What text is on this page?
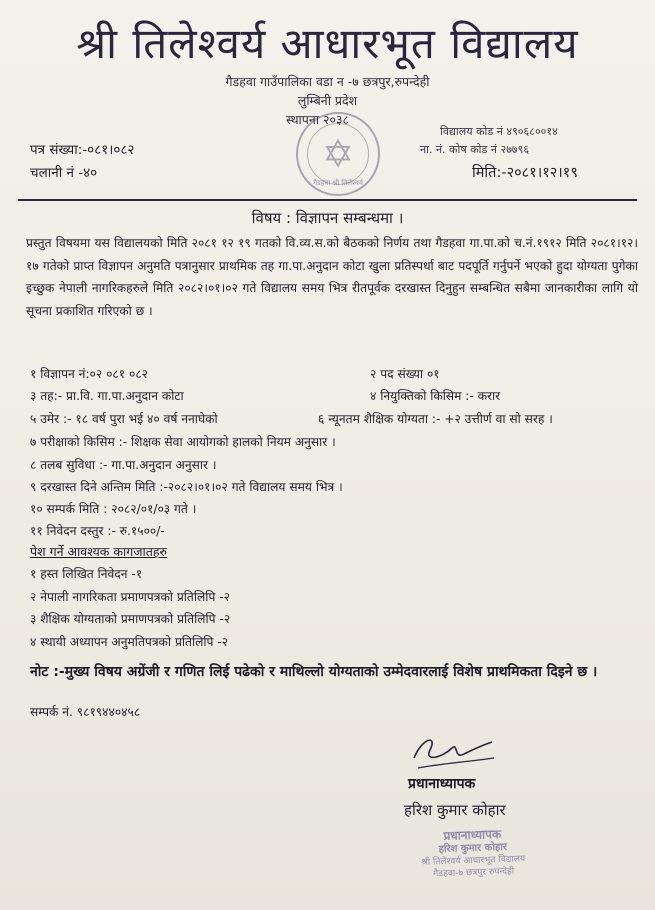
श्री तिलेश्वर्य आधारभूत विद्यालय
गैडहवा गाउँपालिका वडा न -७ छत्रपुर,रुपन्देही
लुम्बिनी प्रदेश
स्थापना २०३८
✡
गैडहवा श्री तिलेश्वर्य
पत्र संख्या:-०८१।०८२
चलानी नं -४०
विद्यालय कोड नं ४९०६८००१४
ना. नं. कोष कोड नं २७७९६
मिति:-२०८१।१२।१९
विषय : विज्ञापन सम्बन्धमा ।
प्रस्तुत विषयमा यस विद्यालयको मिति २०८१ १२ १९ गतको वि.व्य.स.को बैठकको निर्णय तथा गैडहवा गा.पा.को च.नं.१९१२ मिति २०८१।१२।१७ गतेको प्राप्त विज्ञापन अनुमति पत्रानुसार प्राथमिक तह गा.पा.अनुदान कोटा खुला प्रतिस्पर्धा बाट पदपूर्ति गर्नुपर्ने भएको हुदा योग्यता पुगेका इच्छुक नेपाली नागरिकहरुले मिति २०८२।०१।०२ गते विद्यालय समय भित्र रीतपूर्वक दरखास्त दिनुहुन सम्बन्धित सबैमा जानकारीका लागि यो सूचना प्रकाशित गरिएको छ ।
१ विज्ञापन नं:०२ ०८१ ०८२	२ पद संख्या ०१
३ तह:- प्रा.वि. गा.पा.अनुदान कोटा	४ नियुक्तिको किसिम :- करार
५ उमेर :- १८ वर्ष पुरा भई ४० वर्ष ननाघेको	६ न्यूनतम शैक्षिक योग्यता :- +२ उत्तीर्ण वा सो सरह ।
७ परीक्षाको किसिम :- शिक्षक सेवा आयोगको हालको नियम अनुसार ।
८ तलब सुविधा :- गा.पा.अनुदान अनुसार ।
९ दरखास्त दिने अन्तिम मिति :-२०८२।०१।०२ गते विद्यालय समय भित्र ।
१० सम्पर्क मिति : २०८२/०१/०३ गते ।
११ निवेदन दस्तुर :- रु.१५००/-
पेश गर्ने आवश्यक कागजातहरु
१ हस्त लिखित निवेदन -१
२ नेपाली नागरिकता प्रमाणपत्रको प्रतिलिपि -२
३ शैक्षिक योग्यताको प्रमाणपत्रको प्रतिलिपि -२
४ स्थायी अध्यापन अनुमतिपत्रको प्रतिलिपि -२
नोट :-मुख्य विषय अग्रेंजी र गणित लिई पढेको र माथिल्लो योग्यताको उम्मेदवारलाई विशेष प्राथमिकता दिइने छ ।
सम्पर्क नं. ९८१९४४०४५८
प्रधानाध्यापक
हरिश कुमार कोहार
प्रधानाध्यापक
हरिश कुमार कोहार
श्री तिलेश्वर्य आधारभूत विद्यालय
गैडहवा-७ छत्रपुर रुपन्देही
